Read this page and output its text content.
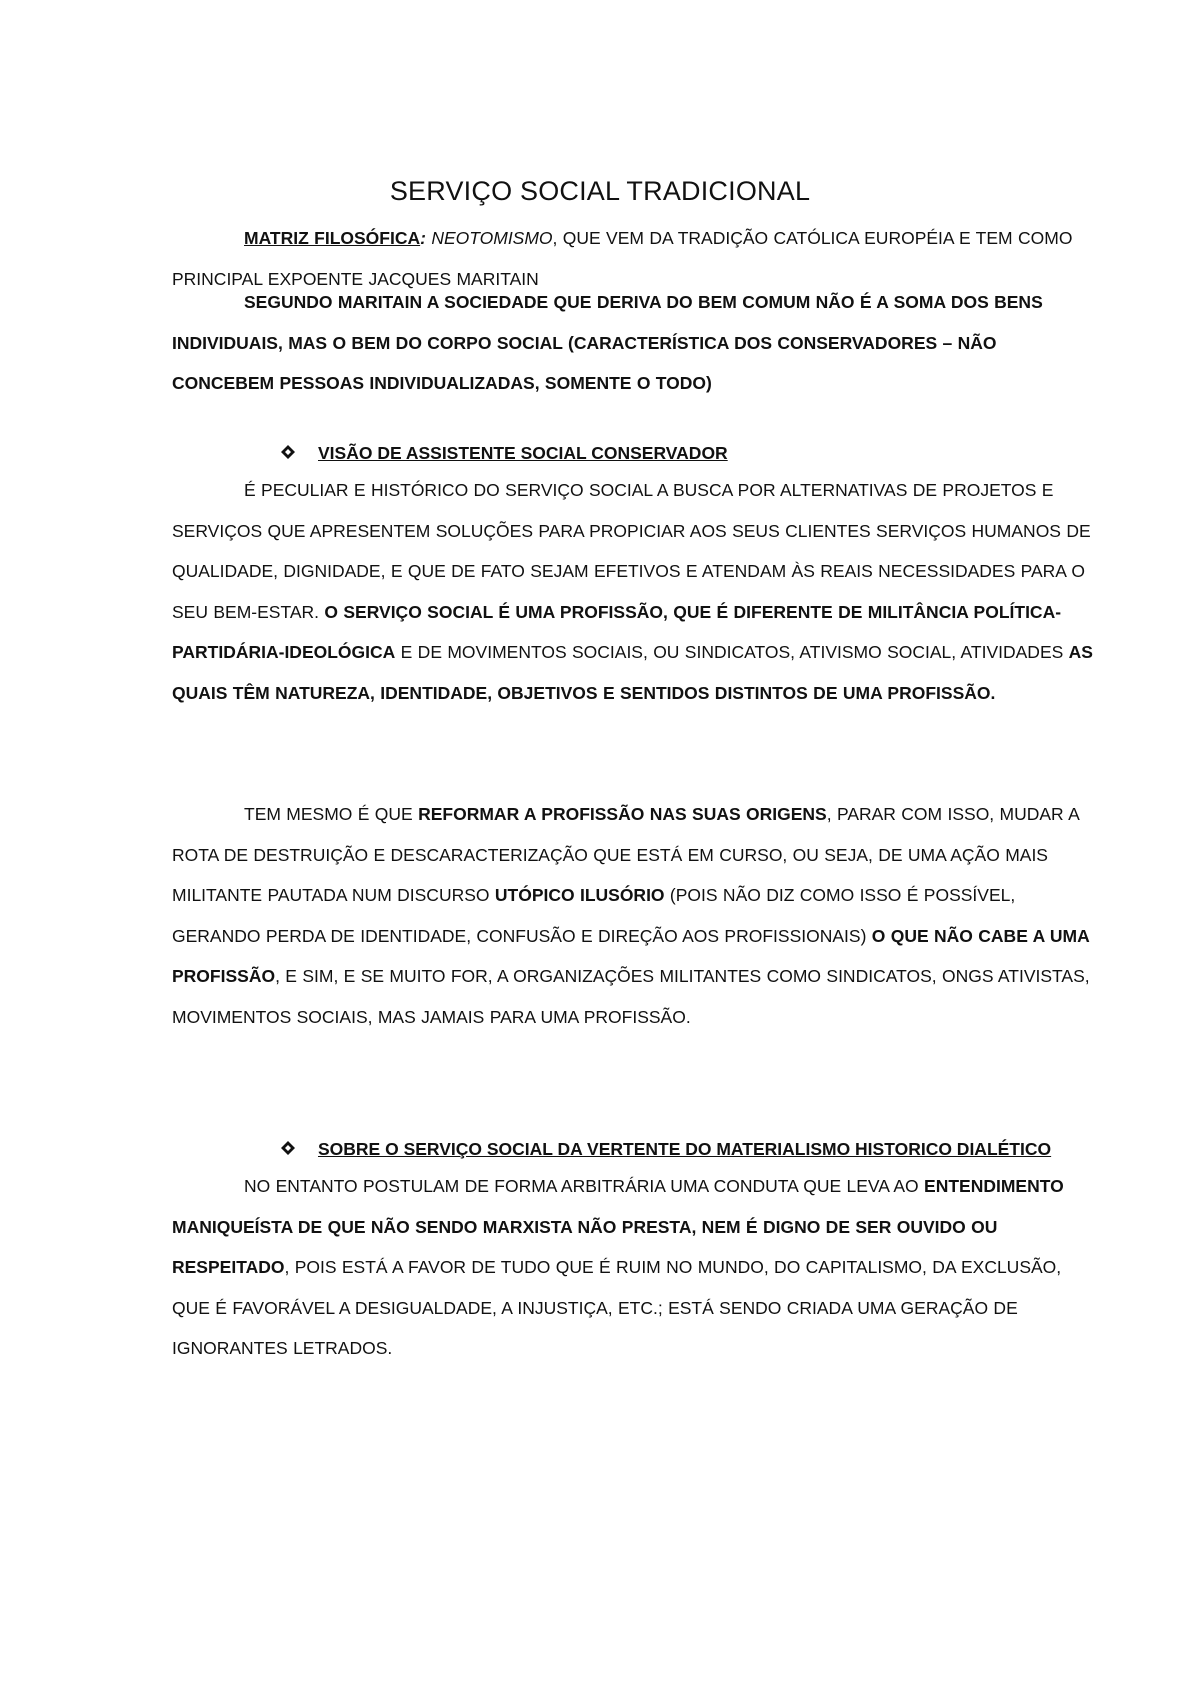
SERVIÇO SOCIAL TRADICIONAL
MATRIZ FILOSÓFICA: NEOTOMISMO, QUE VEM DA TRADIÇÃO CATÓLICA EUROPÉIA E TEM COMO PRINCIPAL EXPOENTE JACQUES MARITAIN
SEGUNDO MARITAIN A SOCIEDADE QUE DERIVA DO BEM COMUM NÃO É A SOMA DOS BENS INDIVIDUAIS, MAS O BEM DO CORPO SOCIAL (CARACTERÍSTICA DOS CONSERVADORES – NÃO CONCEBEM PESSOAS INDIVIDUALIZADAS, SOMENTE O TODO)
VISÃO DE ASSISTENTE SOCIAL CONSERVADOR
É PECULIAR E HISTÓRICO DO SERVIÇO SOCIAL A BUSCA POR ALTERNATIVAS DE PROJETOS E SERVIÇOS QUE APRESENTEM SOLUÇÕES PARA PROPICIAR AOS SEUS CLIENTES SERVIÇOS HUMANOS DE QUALIDADE, DIGNIDADE, E QUE DE FATO SEJAM EFETIVOS E ATENDAM ÀS REAIS NECESSIDADES PARA O SEU BEM-ESTAR. O SERVIÇO SOCIAL É UMA PROFISSÃO, QUE É DIFERENTE DE MILITÂNCIA POLÍTICA-PARTIDÁRIA-IDEOLÓGICA E DE MOVIMENTOS SOCIAIS, OU SINDICATOS, ATIVISMO SOCIAL, ATIVIDADES AS QUAIS TÊM NATUREZA, IDENTIDADE, OBJETIVOS E SENTIDOS DISTINTOS DE UMA PROFISSÃO.
TEM MESMO É QUE REFORMAR A PROFISSÃO NAS SUAS ORIGENS, PARAR COM ISSO, MUDAR A ROTA DE DESTRUIÇÃO E DESCARACTERIZAÇÃO QUE ESTÁ EM CURSO, OU SEJA, DE UMA AÇÃO MAIS MILITANTE PAUTADA NUM DISCURSO UTÓPICO ILUSÓRIO (POIS NÃO DIZ COMO ISSO É POSSÍVEL, GERANDO PERDA DE IDENTIDADE, CONFUSÃO E DIREÇÃO AOS PROFISSIONAIS) O QUE NÃO CABE A UMA PROFISSÃO, E SIM, E SE MUITO FOR, A ORGANIZAÇÕES MILITANTES COMO SINDICATOS, ONGS ATIVISTAS, MOVIMENTOS SOCIAIS, MAS JAMAIS PARA UMA PROFISSÃO.
SOBRE O SERVIÇO SOCIAL DA VERTENTE DO MATERIALISMO HISTORICO DIALÉTICO
NO ENTANTO POSTULAM DE FORMA ARBITRÁRIA UMA CONDUTA QUE LEVA AO ENTENDIMENTO MANIQUEÍSTA DE QUE NÃO SENDO MARXISTA NÃO PRESTA, NEM É DIGNO DE SER OUVIDO OU RESPEITADO, POIS ESTÁ A FAVOR DE TUDO QUE É RUIM NO MUNDO, DO CAPITALISMO, DA EXCLUSÃO, QUE É FAVORÁVEL A DESIGUALDADE, A INJUSTIÇA, ETC.; ESTÁ SENDO CRIADA UMA GERAÇÃO DE IGNORANTES LETRADOS.
